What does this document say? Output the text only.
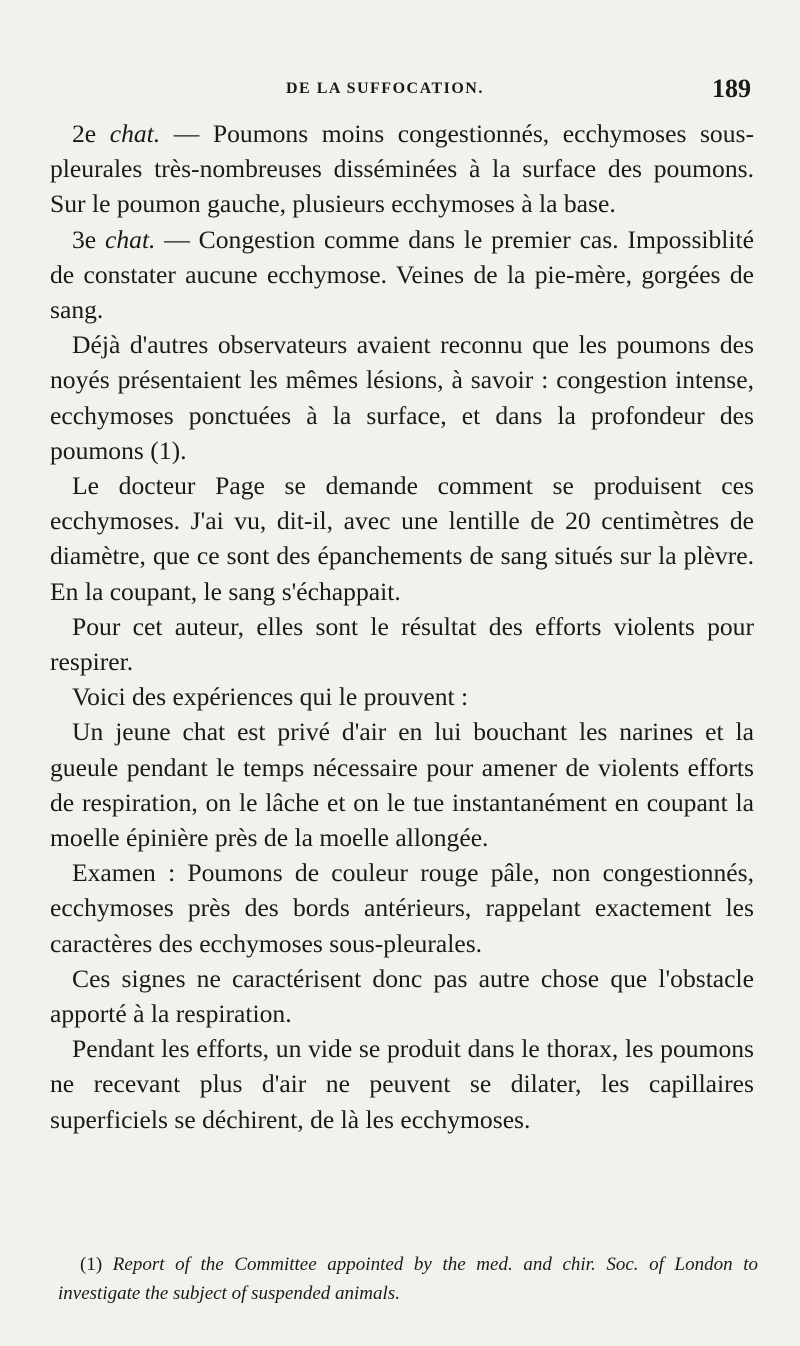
DE LA SUFFOCATION.	189

2e chat. — Poumons moins congestionnés, ecchymoses sous-pleurales très-nombreuses disséminées à la surface des poumons. Sur le poumon gauche, plusieurs ecchymoses à la base.

3e chat. — Congestion comme dans le premier cas. Impossiblité de constater aucune ecchymose. Veines de la pie-mère, gorgées de sang.

Déjà d'autres observateurs avaient reconnu que les poumons des noyés présentaient les mêmes lésions, à savoir : congestion intense, ecchymoses ponctuées à la surface, et dans la profondeur des poumons (1).

Le docteur Page se demande comment se produisent ces ecchymoses. J'ai vu, dit-il, avec une lentille de 20 centimètres de diamètre, que ce sont des épanchements de sang situés sur la plèvre. En la coupant, le sang s'échappait.

Pour cet auteur, elles sont le résultat des efforts violents pour respirer.

Voici des expériences qui le prouvent :

Un jeune chat est privé d'air en lui bouchant les narines et la gueule pendant le temps nécessaire pour amener de violents efforts de respiration, on le lâche et on le tue instantanément en coupant la moelle épinière près de la moelle allongée.

Examen : Poumons de couleur rouge pâle, non congestionnés, ecchymoses près des bords antérieurs, rappelant exactement les caractères des ecchymoses sous-pleurales.

Ces signes ne caractérisent donc pas autre chose que l'obstacle apporté à la respiration.

Pendant les efforts, un vide se produit dans le thorax, les poumons ne recevant plus d'air ne peuvent se dilater, les capillaires superficiels se déchirent, de là les ecchymoses.

(1) Report of the Committee appointed by the med. and chir. Soc. of London to investigate the subject of suspended animals.
